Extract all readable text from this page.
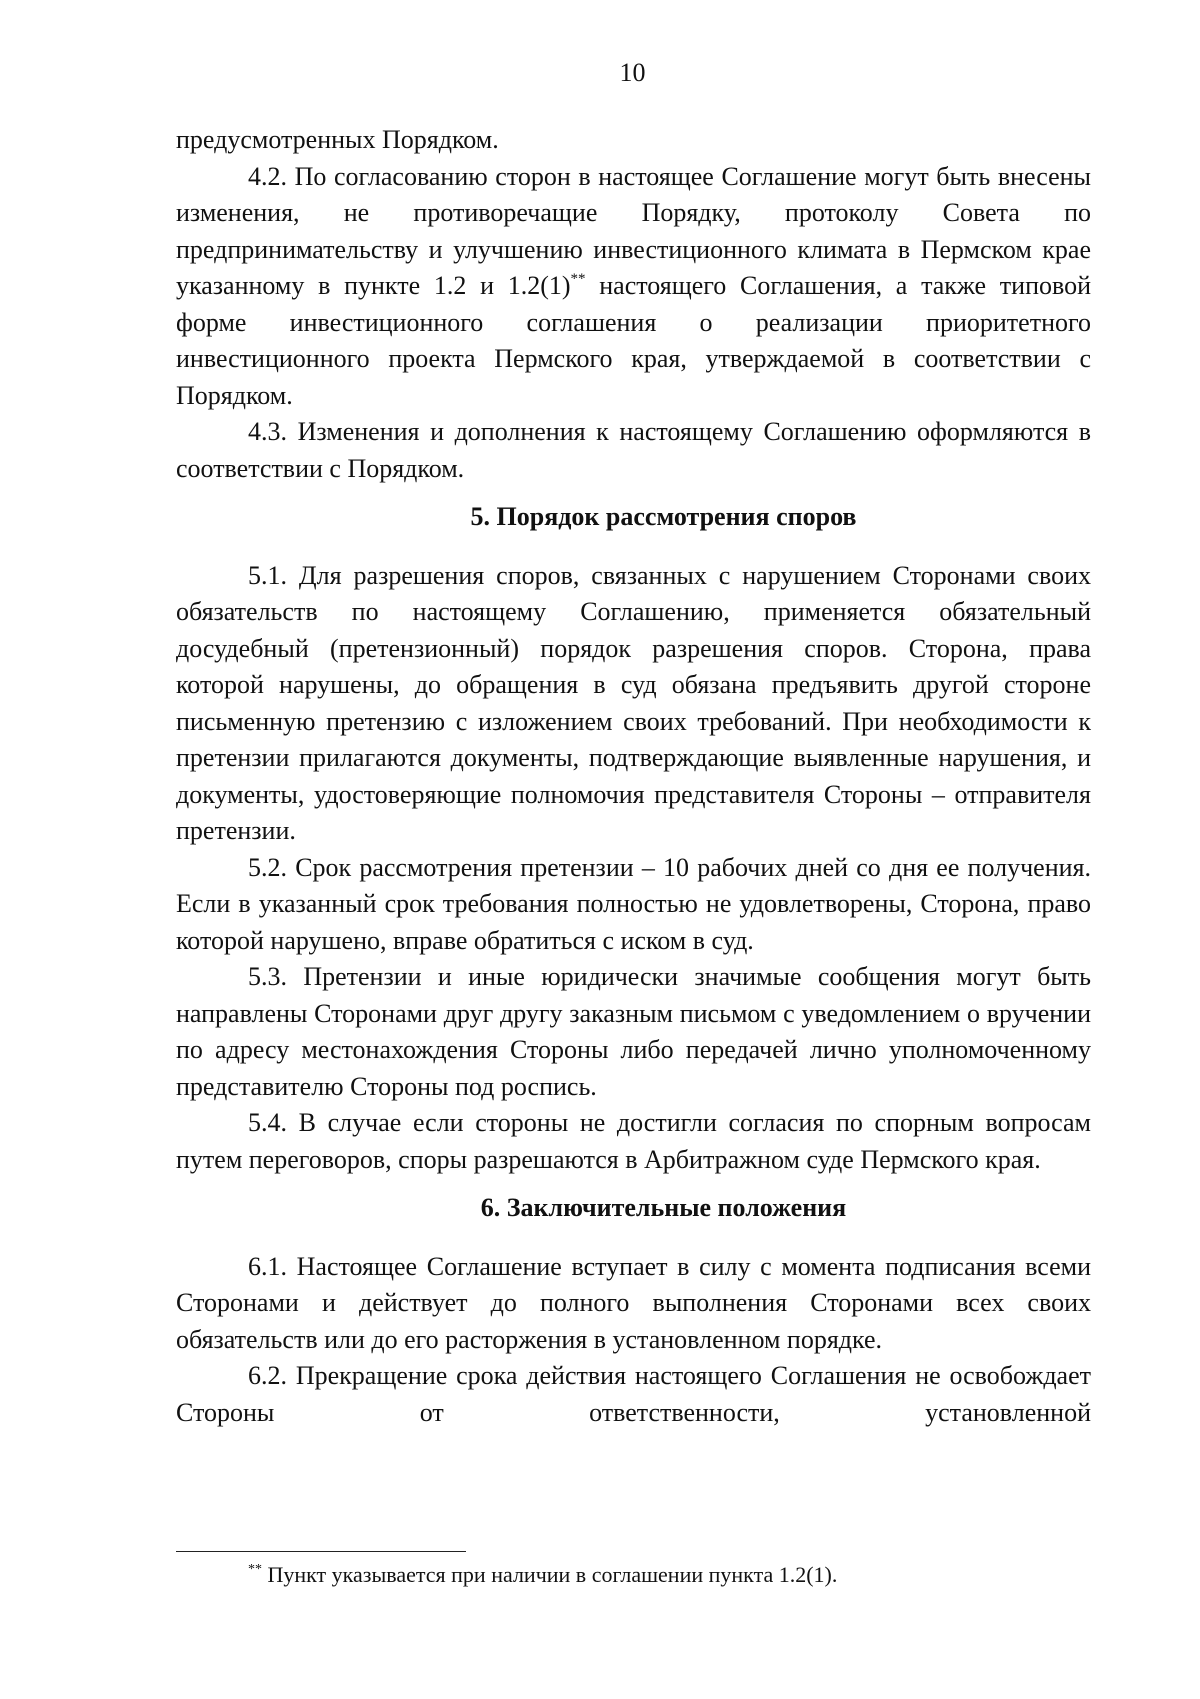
10

предусмотренных Порядком.

4.2. По согласованию сторон в настоящее Соглашение могут быть внесены изменения, не противоречащие Порядку, протоколу Совета по предпринимательству и улучшению инвестиционного климата в Пермском крае указанному в пункте 1.2 и 1.2(1)** настоящего Соглашения, а также типовой форме инвестиционного соглашения о реализации приоритетного инвестиционного проекта Пермского края, утверждаемой в соответствии с Порядком.

4.3. Изменения и дополнения к настоящему Соглашению оформляются в соответствии с Порядком.

5. Порядок рассмотрения споров

5.1. Для разрешения споров, связанных с нарушением Сторонами своих обязательств по настоящему Соглашению, применяется обязательный досудебный (претензионный) порядок разрешения споров. Сторона, права которой нарушены, до обращения в суд обязана предъявить другой стороне письменную претензию с изложением своих требований. При необходимости к претензии прилагаются документы, подтверждающие выявленные нарушения, и документы, удостоверяющие полномочия представителя Стороны – отправителя претензии.

5.2. Срок рассмотрения претензии – 10 рабочих дней со дня ее получения. Если в указанный срок требования полностью не удовлетворены, Сторона, право которой нарушено, вправе обратиться с иском в суд.

5.3. Претензии и иные юридически значимые сообщения могут быть направлены Сторонами друг другу заказным письмом с уведомлением о вручении по адресу местонахождения Стороны либо передачей лично уполномоченному представителю Стороны под роспись.

5.4. В случае если стороны не достигли согласия по спорным вопросам путем переговоров, споры разрешаются в Арбитражном суде Пермского края.

6. Заключительные положения

6.1. Настоящее Соглашение вступает в силу с момента подписания всеми Сторонами и действует до полного выполнения Сторонами всех своих обязательств или до его расторжения в установленном порядке.

6.2. Прекращение срока действия настоящего Соглашения не освобождает Стороны от ответственности, установленной

** Пункт указывается при наличии в соглашении пункта 1.2(1).
